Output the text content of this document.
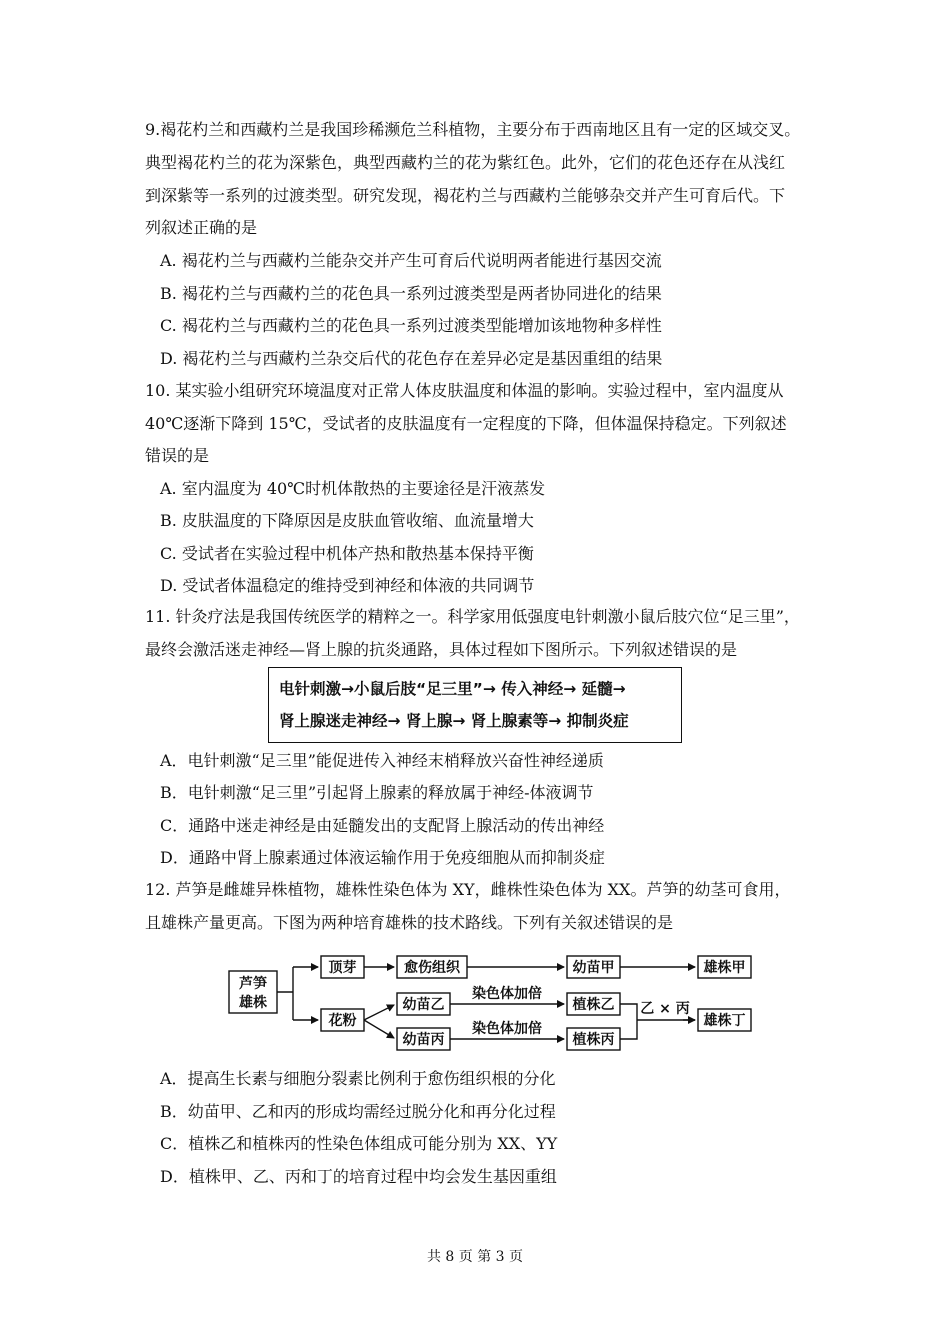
9.褐花杓兰和西藏杓兰是我国珍稀濒危兰科植物，主要分布于西南地区且有一定的区域交叉。
典型褐花杓兰的花为深紫色，典型西藏杓兰的花为紫红色。此外，它们的花色还存在从浅红
到深紫等一系列的过渡类型。研究发现，褐花杓兰与西藏杓兰能够杂交并产生可育后代。下
列叙述正确的是
A. 褐花杓兰与西藏杓兰能杂交并产生可育后代说明两者能进行基因交流
B. 褐花杓兰与西藏杓兰的花色具一系列过渡类型是两者协同进化的结果
C. 褐花杓兰与西藏杓兰的花色具一系列过渡类型能增加该地物种多样性
D. 褐花杓兰与西藏杓兰杂交后代的花色存在差异必定是基因重组的结果
10. 某实验小组研究环境温度对正常人体皮肤温度和体温的影响。实验过程中，室内温度从
40℃逐渐下降到 15℃，受试者的皮肤温度有一定程度的下降，但体温保持稳定。下列叙述
错误的是
A. 室内温度为 40℃时机体散热的主要途径是汗液蒸发
B. 皮肤温度的下降原因是皮肤血管收缩、血流量增大
C. 受试者在实验过程中机体产热和散热基本保持平衡
D. 受试者体温稳定的维持受到神经和体液的共同调节
11. 针灸疗法是我国传统医学的精粹之一。科学家用低强度电针刺激小鼠后肢穴位“足三里”，
最终会激活迷走神经—肾上腺的抗炎通路，具体过程如下图所示。下列叙述错误的是
电针刺激→小鼠后肢“足三里”→ 传入神经→ 延髓→
肾上腺迷走神经→ 肾上腺→ 肾上腺素等→ 抑制炎症
A．电针刺激“足三里”能促进传入神经末梢释放兴奋性神经递质
B．电针刺激“足三里”引起肾上腺素的释放属于神经-体液调节
C．通路中迷走神经是由延髓发出的支配肾上腺活动的传出神经
D．通路中肾上腺素通过体液运输作用于免疫细胞从而抑制炎症
12. 芦笋是雌雄异株植物，雄株性染色体为 XY，雌株性染色体为 XX。芦笋的幼茎可食用，
且雄株产量更高。下图为两种培育雄株的技术路线。下列有关叙述错误的是
芦笋
雄株
顶芽	愈伤组织	幼苗甲	雄株甲
花粉
幼苗乙
幼苗丙
染色体加倍
染色体加倍
植株乙
植株丙
乙 × 丙
雄株丁
A．提高生长素与细胞分裂素比例利于愈伤组织根的分化
B．幼苗甲、乙和丙的形成均需经过脱分化和再分化过程
C．植株乙和植株丙的性染色体组成可能分别为 XX、YY
D．植株甲、乙、丙和丁的培育过程中均会发生基因重组
共 8 页 第 3 页
